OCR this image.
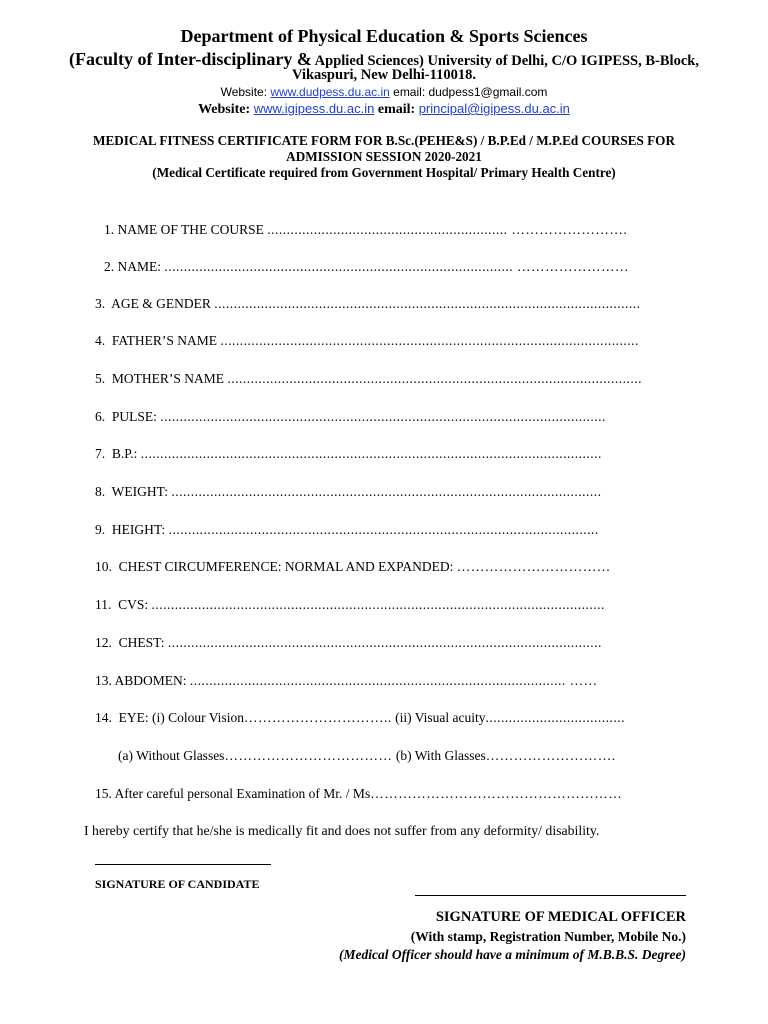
Department of Physical Education & Sports Sciences
(Faculty of Inter-disciplinary & Applied Sciences) University of Delhi, C/O IGIPESS, B-Block,
Vikaspuri, New Delhi-110018.
Website: www.dudpess.du.ac.in email: dudpess1@gmail.com
Website: www.igipess.du.ac.in email: principal@igipess.du.ac.in
MEDICAL FITNESS CERTIFICATE FORM FOR B.Sc.(PEHE&S) / B.P.Ed / M.P.Ed COURSES FOR
ADMISSION SESSION 2020-2021
(Medical Certificate required from Government Hospital/ Primary Health Centre)
1. NAME OF THE COURSE .............................................................. …………………….
2. NAME: .......................................................................................... ……………………
3. AGE & GENDER ..............................................................................................................
4. FATHER’S NAME ............................................................................................................
5. MOTHER’S NAME ...........................................................................................................
6. PULSE: ...................................................................................................................
7. B.P.: .......................................................................................................................
8. WEIGHT: ...............................................................................................................
9. HEIGHT: ...............................................................................................................
10. CHEST CIRCUMFERENCE: NORMAL AND EXPANDED: ……………………………
11. CVS: .....................................................................................................................
12. CHEST: ................................................................................................................
13. ABDOMEN: ................................................................................................. ……
14. EYE: (i) Colour Vision………………………….. (ii) Visual acuity....................................
(a) Without Glasses……………………………… (b) With Glasses……………………….
15. After careful personal Examination of Mr. / Ms………………………………………………
I hereby certify that he/she is medically fit and does not suffer from any deformity/ disability.
SIGNATURE OF CANDIDATE
SIGNATURE OF MEDICAL OFFICER
(With stamp, Registration Number, Mobile No.)
(Medical Officer should have a minimum of M.B.B.S. Degree)
